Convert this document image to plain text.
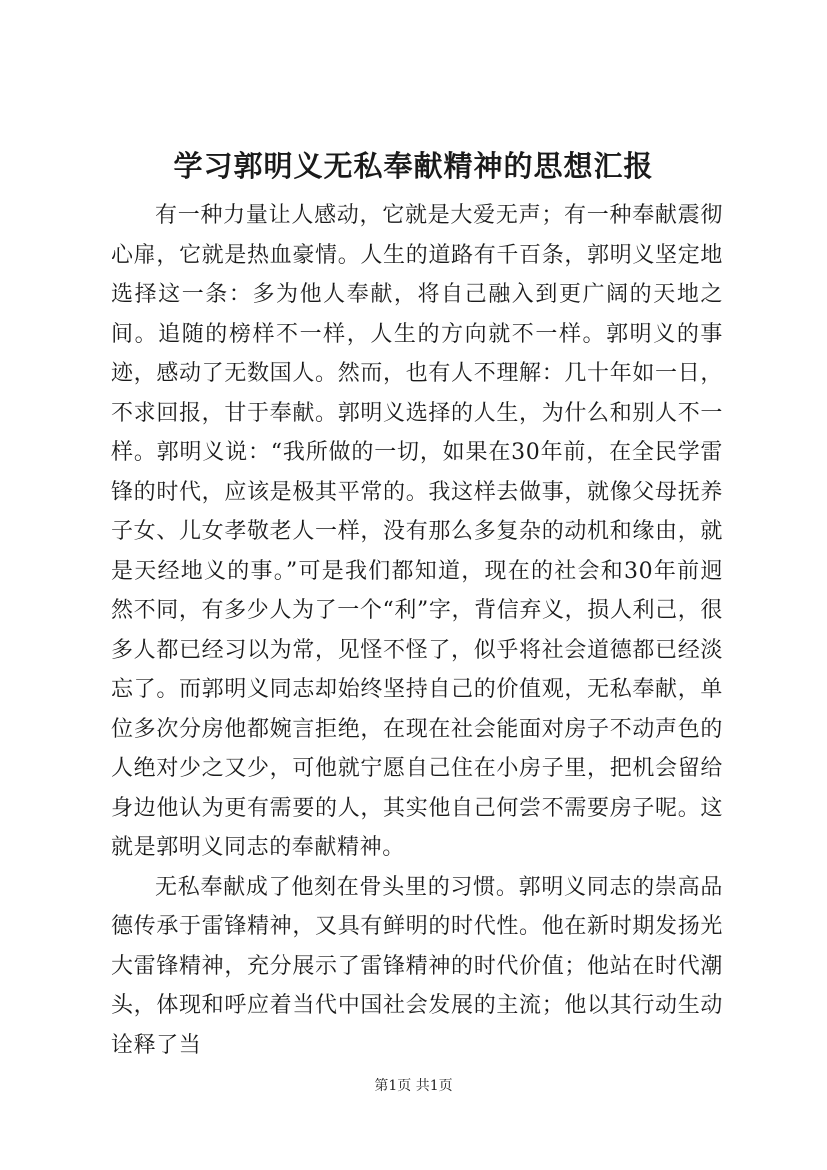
学习郭明义无私奉献精神的思想汇报

有一种力量让人感动，它就是大爱无声；有一种奉献震彻心扉，它就是热血豪情。人生的道路有千百条，郭明义坚定地选择这一条：多为他人奉献，将自己融入到更广阔的天地之间。追随的榜样不一样，人生的方向就不一样。郭明义的事迹，感动了无数国人。然而，也有人不理解：几十年如一日，不求回报，甘于奉献。郭明义选择的人生，为什么和别人不一样。郭明义说：“我所做的一切，如果在30年前，在全民学雷锋的时代，应该是极其平常的。我这样去做事，就像父母抚养子女、儿女孝敬老人一样，没有那么多复杂的动机和缘由，就是天经地义的事。”可是我们都知道，现在的社会和30年前迥然不同，有多少人为了一个“利”字，背信弃义，损人利己，很多人都已经习以为常，见怪不怪了，似乎将社会道德都已经淡忘了。而郭明义同志却始终坚持自己的价值观，无私奉献，单位多次分房他都婉言拒绝，在现在社会能面对房子不动声色的人绝对少之又少，可他就宁愿自己住在小房子里，把机会留给身边他认为更有需要的人，其实他自己何尝不需要房子呢。这就是郭明义同志的奉献精神。

无私奉献成了他刻在骨头里的习惯。郭明义同志的崇高品德传承于雷锋精神，又具有鲜明的时代性。他在新时期发扬光大雷锋精神，充分展示了雷锋精神的时代价值；他站在时代潮头，体现和呼应着当代中国社会发展的主流；他以其行动生动诠释了当

第1页 共1页
